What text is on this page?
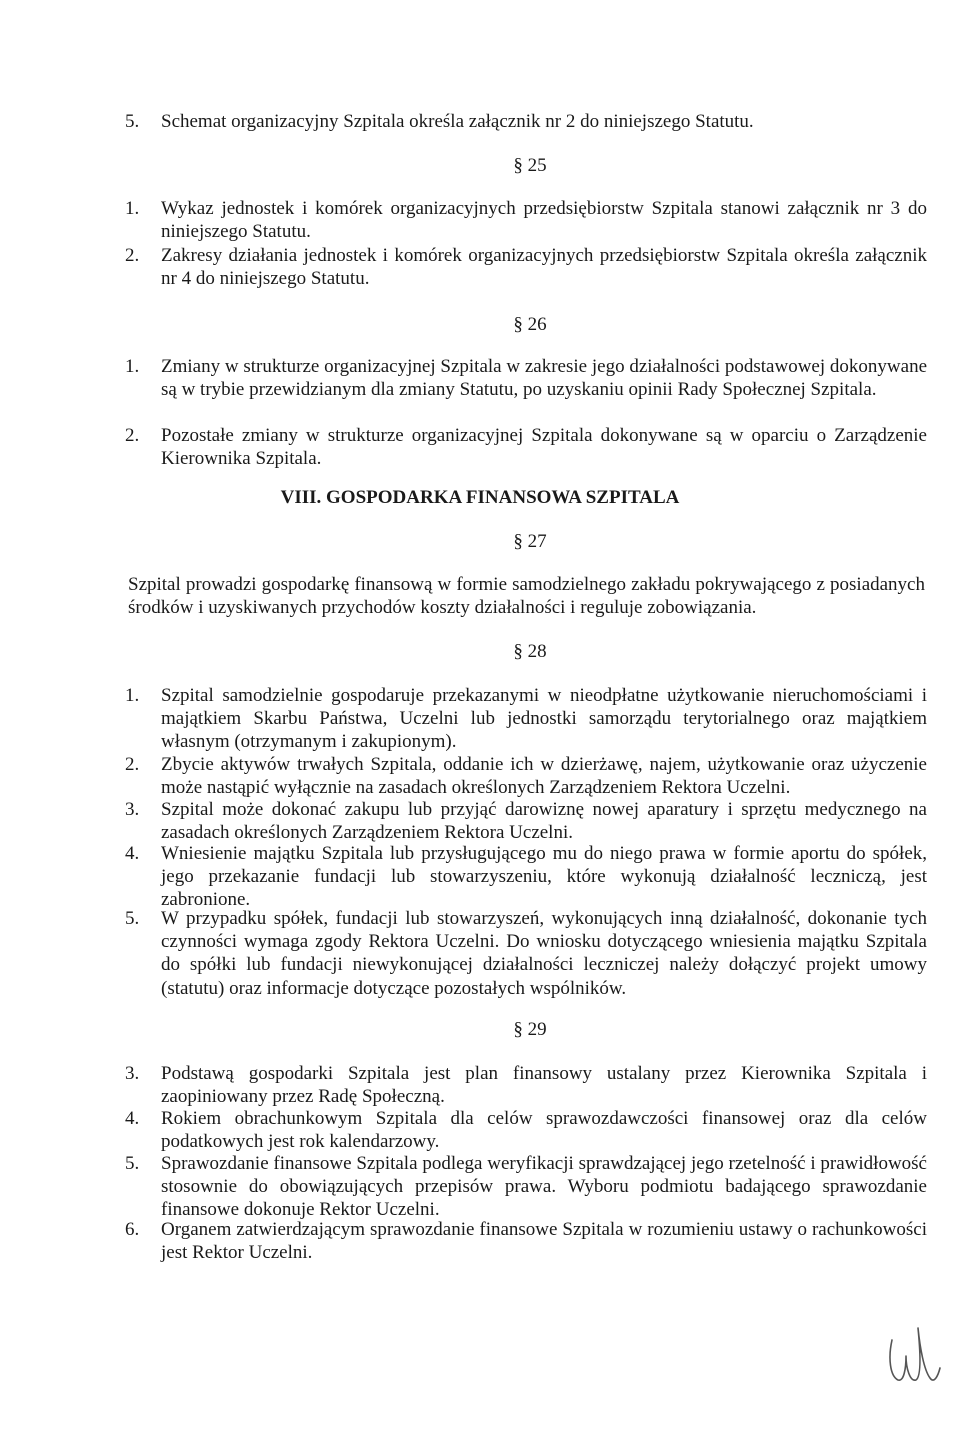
5. Schemat organizacyjny Szpitala określa załącznik nr 2 do niniejszego Statutu.
§ 25
1. Wykaz jednostek i komórek organizacyjnych przedsiębiorstw Szpitala stanowi załącznik nr 3 do niniejszego Statutu.
2. Zakresy działania jednostek i komórek organizacyjnych przedsiębiorstw Szpitala określa załącznik nr 4 do niniejszego Statutu.
§ 26
1. Zmiany w strukturze organizacyjnej Szpitala w zakresie jego działalności podstawowej dokonywane są w trybie przewidzianym dla zmiany Statutu, po uzyskaniu opinii Rady Społecznej Szpitala.
2. Pozostałe zmiany w strukturze organizacyjnej Szpitala dokonywane są w oparciu o Zarządzenie Kierownika Szpitala.
VIII. GOSPODARKA FINANSOWA SZPITALA
§ 27
Szpital prowadzi gospodarkę finansową w formie samodzielnego zakładu pokrywającego z posiadanych środków i uzyskiwanych przychodów koszty działalności i reguluje zobowiązania.
§ 28
1. Szpital samodzielnie gospodaruje przekazanymi w nieodpłatne użytkowanie nieruchomościami i majątkiem Skarbu Państwa, Uczelni lub jednostki samorządu terytorialnego oraz majątkiem własnym (otrzymanym i zakupionym).
2. Zbycie aktywów trwałych Szpitala, oddanie ich w dzierżawę, najem, użytkowanie oraz użyczenie może nastąpić wyłącznie na zasadach określonych Zarządzeniem Rektora Uczelni.
3. Szpital może dokonać zakupu lub przyjąć darowiznę nowej aparatury i sprzętu medycznego na zasadach określonych Zarządzeniem Rektora Uczelni.
4. Wniesienie majątku Szpitala lub przysługującego mu do niego prawa w formie aportu do spółek, jego przekazanie fundacji lub stowarzyszeniu, które wykonują działalność leczniczą, jest zabronione.
5. W przypadku spółek, fundacji lub stowarzyszeń, wykonujących inną działalność, dokonanie tych czynności wymaga zgody Rektora Uczelni. Do wniosku dotyczącego wniesienia majątku Szpitala do spółki lub fundacji niewykonującej działalności leczniczej należy dołączyć projekt umowy (statutu) oraz informacje dotyczące pozostałych wspólników.
§ 29
3. Podstawą gospodarki Szpitala jest plan finansowy ustalany przez Kierownika Szpitala i zaopiniowany przez Radę Społeczną.
4. Rokiem obrachunkowym Szpitala dla celów sprawozdawczości finansowej oraz dla celów podatkowych jest rok kalendarzowy.
5. Sprawozdanie finansowe Szpitala podlega weryfikacji sprawdzającej jego rzetelność i prawidłowość stosownie do obowiązujących przepisów prawa. Wyboru podmiotu badającego sprawozdanie finansowe dokonuje Rektor Uczelni.
6. Organem zatwierdzającym sprawozdanie finansowe Szpitala w rozumieniu ustawy o rachunkowości jest Rektor Uczelni.
